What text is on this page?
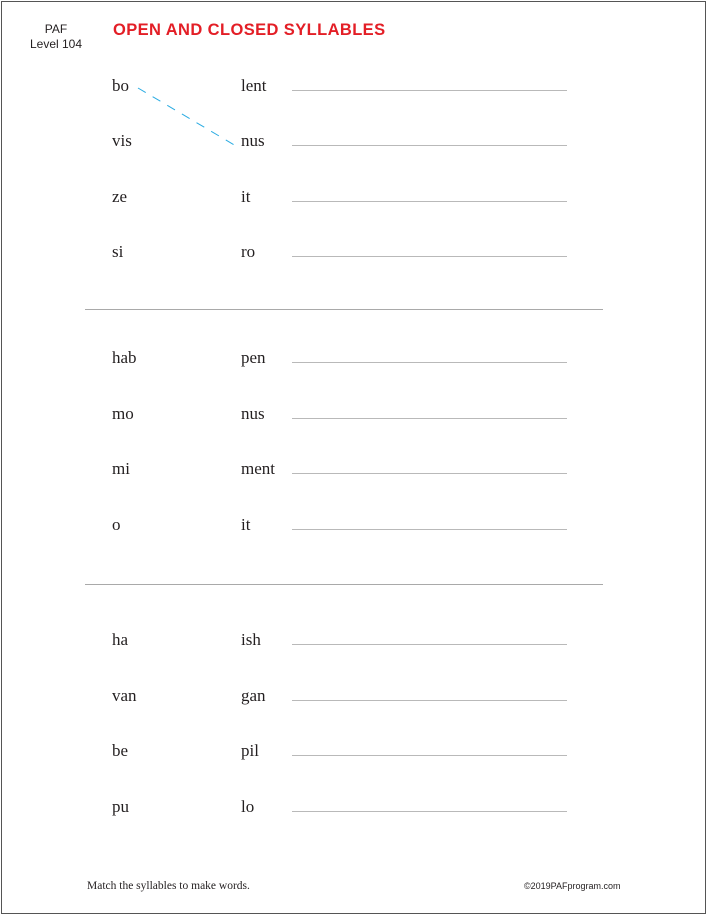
PAF
Level 104
OPEN AND CLOSED SYLLABLES
bo	lent
vis	nus
ze	it
si	ro
hab	pen
mo	nus
mi	ment
o	it
ha	ish
van	gan
be	pil
pu	lo
Match the syllables to make words.	©2019PAFprogram.com
